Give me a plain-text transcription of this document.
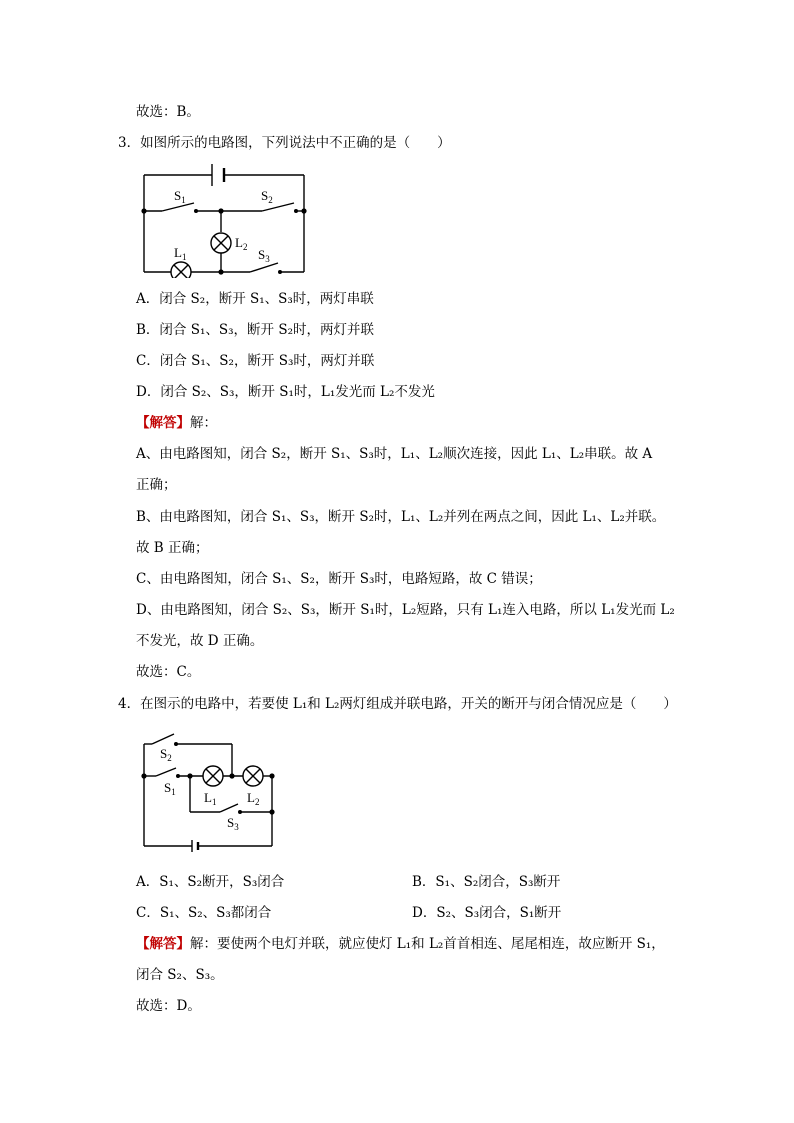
故选：B。
3．如图所示的电路图，下列说法中不正确的是（　　）
$S_1$	$S_2$
$L_2$
$L_1$	$S_3$
A．闭合 S₂，断开 S₁、S₃时，两灯串联
B．闭合 S₁、S₃，断开 S₂时，两灯并联
C．闭合 S₁、S₂，断开 S₃时，两灯并联
D．闭合 S₂、S₃，断开 S₁时，L₁发光而 L₂不发光
【解答】解：
A、由电路图知，闭合 S₂，断开 S₁、S₃时，L₁、L₂顺次连接，因此 L₁、L₂串联。故 A
正确；
B、由电路图知，闭合 S₁、S₃，断开 S₂时，L₁、L₂并列在两点之间，因此 L₁、L₂并联。
故 B 正确；
C、由电路图知，闭合 S₁、S₂，断开 S₃时，电路短路，故 C 错误；
D、由电路图知，闭合 S₂、S₃，断开 S₁时，L₂短路，只有 L₁连入电路，所以 L₁发光而 L₂
不发光，故 D 正确。
故选：C。
4．在图示的电路中，若要使 L₁和 L₂两灯组成并联电路，开关的断开与闭合情况应是（　　）
$S_2$
$S_1$ $L_1$ $L_2$
$S_3$
A．S₁、S₂断开，S₃闭合	B．S₁、S₂闭合，S₃断开
C．S₁、S₂、S₃都闭合	D．S₂、S₃闭合，S₁断开
【解答】解：要使两个电灯并联，就应使灯 L₁和 L₂首首相连、尾尾相连，故应断开 S₁，
闭合 S₂、S₃。
故选：D。
